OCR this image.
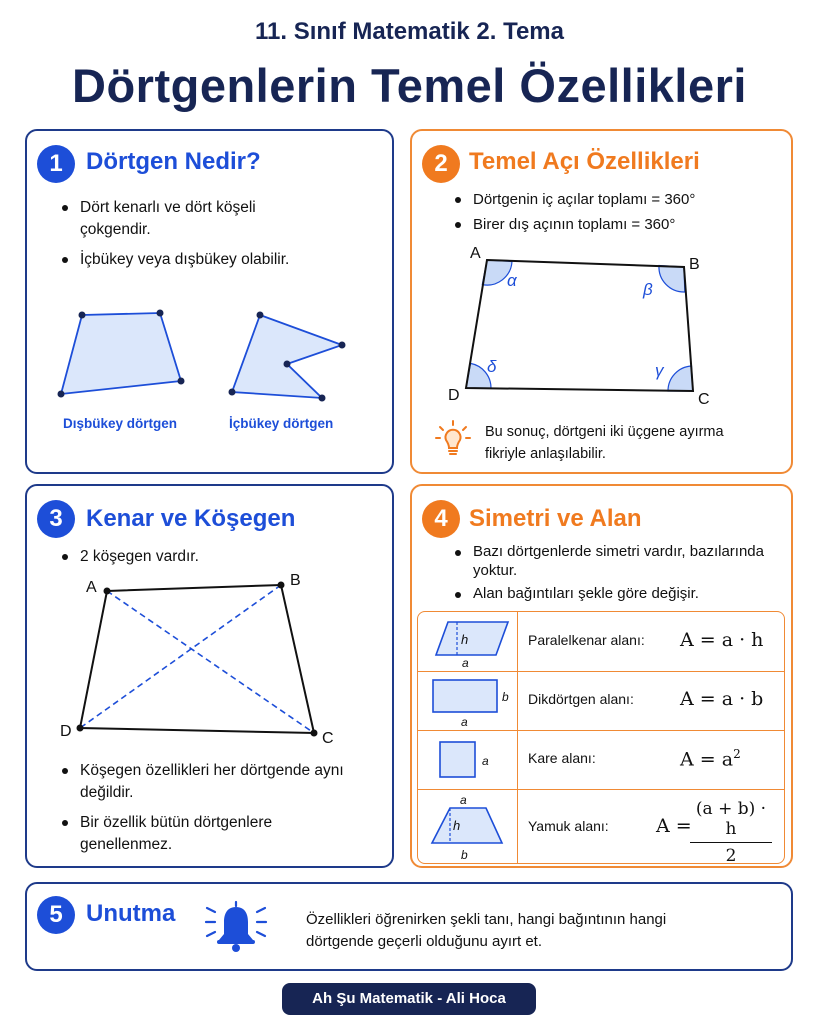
11. Sınıf Matematik 2. Tema
Dörtgenlerin Temel Özellikleri
1 Dörtgen Nedir?
Dört kenarlı ve dört köşeli çokgendir.
İçbükey veya dışbükey olabilir.
Dışbükey dörtgen	İçbükey dörtgen
2 Temel Açı Özellikleri
Dörtgenin iç açılar toplamı = 360°
Birer dış açının toplamı = 360°
A
B
C
D
α	β
γ
δ
Bu sonuç, dörtgeni iki üçgene ayırma fikriyle anlaşılabilir.
3 Kenar ve Köşegen
2 köşegen vardır.
A	B
C
D
Köşegen özellikleri her dörtgende aynı değildir.
Bir özellik bütün dörtgenlere genellenmez.
4 Simetri ve Alan
Bazı dörtgenlerde simetri vardır, bazılarında yoktur.
Alan bağıntıları şekle göre değişir.
h
a
Paralelkenar alanı: A = a · h
b
a
Dikdörtgen alanı: A = a · b
a	Kare alanı:	$A = a^2$
a
h
b
Yamuk alanı: A =
$\frac{(a + b) \cdot h}{2}$
5 Unutma	Özellikleri öğrenirken şekli tanı, hangi bağıntının hangi dörtgende geçerli olduğunu ayırt et.
Ah Şu Matematik - Ali Hoca
